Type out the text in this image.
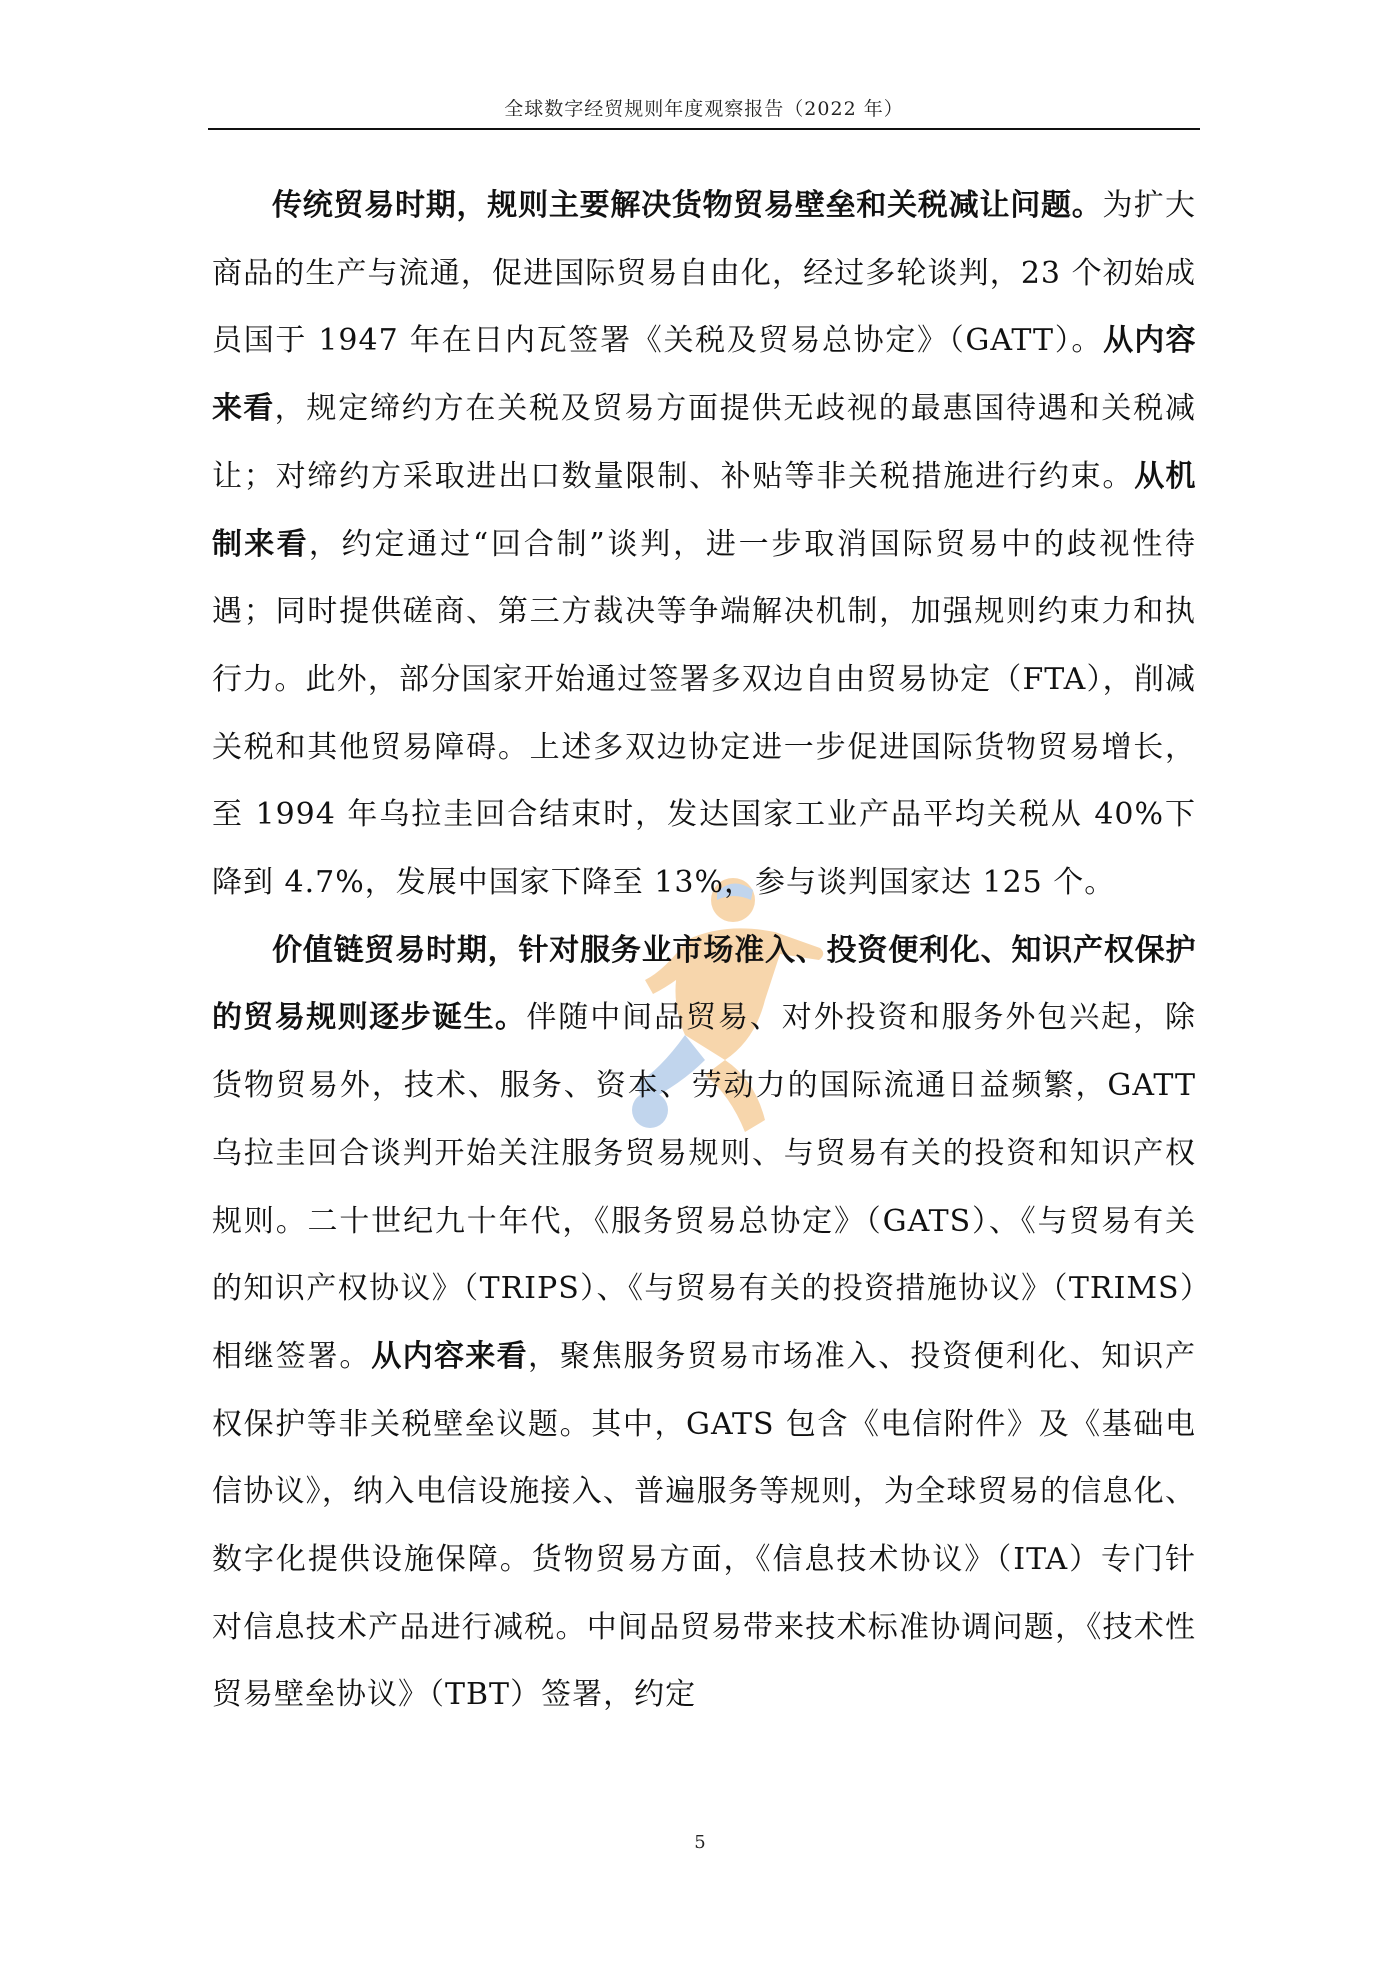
全球数字经贸规则年度观察报告（2022 年）

传统贸易时期，规则主要解决货物贸易壁垒和关税减让问题。为扩大商品的生产与流通，促进国际贸易自由化，经过多轮谈判，23 个初始成员国于 1947 年在日内瓦签署《关税及贸易总协定》（GATT）。从内容来看，规定缔约方在关税及贸易方面提供无歧视的最惠国待遇和关税减让；对缔约方采取进出口数量限制、补贴等非关税措施进行约束。从机制来看，约定通过“回合制”谈判，进一步取消国际贸易中的歧视性待遇；同时提供磋商、第三方裁决等争端解决机制，加强规则约束力和执行力。此外，部分国家开始通过签署多双边自由贸易协定（FTA），削减关税和其他贸易障碍。上述多双边协定进一步促进国际货物贸易增长，至 1994 年乌拉圭回合结束时，发达国家工业产品平均关税从 40%下降到 4.7%，发展中国家下降至 13%，参与谈判国家达 125 个。

价值链贸易时期，针对服务业市场准入、投资便利化、知识产权保护的贸易规则逐步诞生。伴随中间品贸易、对外投资和服务外包兴起，除货物贸易外，技术、服务、资本、劳动力的国际流通日益频繁，GATT 乌拉圭回合谈判开始关注服务贸易规则、与贸易有关的投资和知识产权规则。二十世纪九十年代，《服务贸易总协定》（GATS）、《与贸易有关的知识产权协议》（TRIPS）、《与贸易有关的投资措施协议》（TRIMS）相继签署。从内容来看，聚焦服务贸易市场准入、投资便利化、知识产权保护等非关税壁垒议题。其中，GATS 包含《电信附件》及《基础电信协议》，纳入电信设施接入、普遍服务等规则，为全球贸易的信息化、数字化提供设施保障。货物贸易方面，《信息技术协议》（ITA）专门针对信息技术产品进行减税。中间品贸易带来技术标准协调问题，《技术性贸易壁垒协议》（TBT）签署，约定

5
